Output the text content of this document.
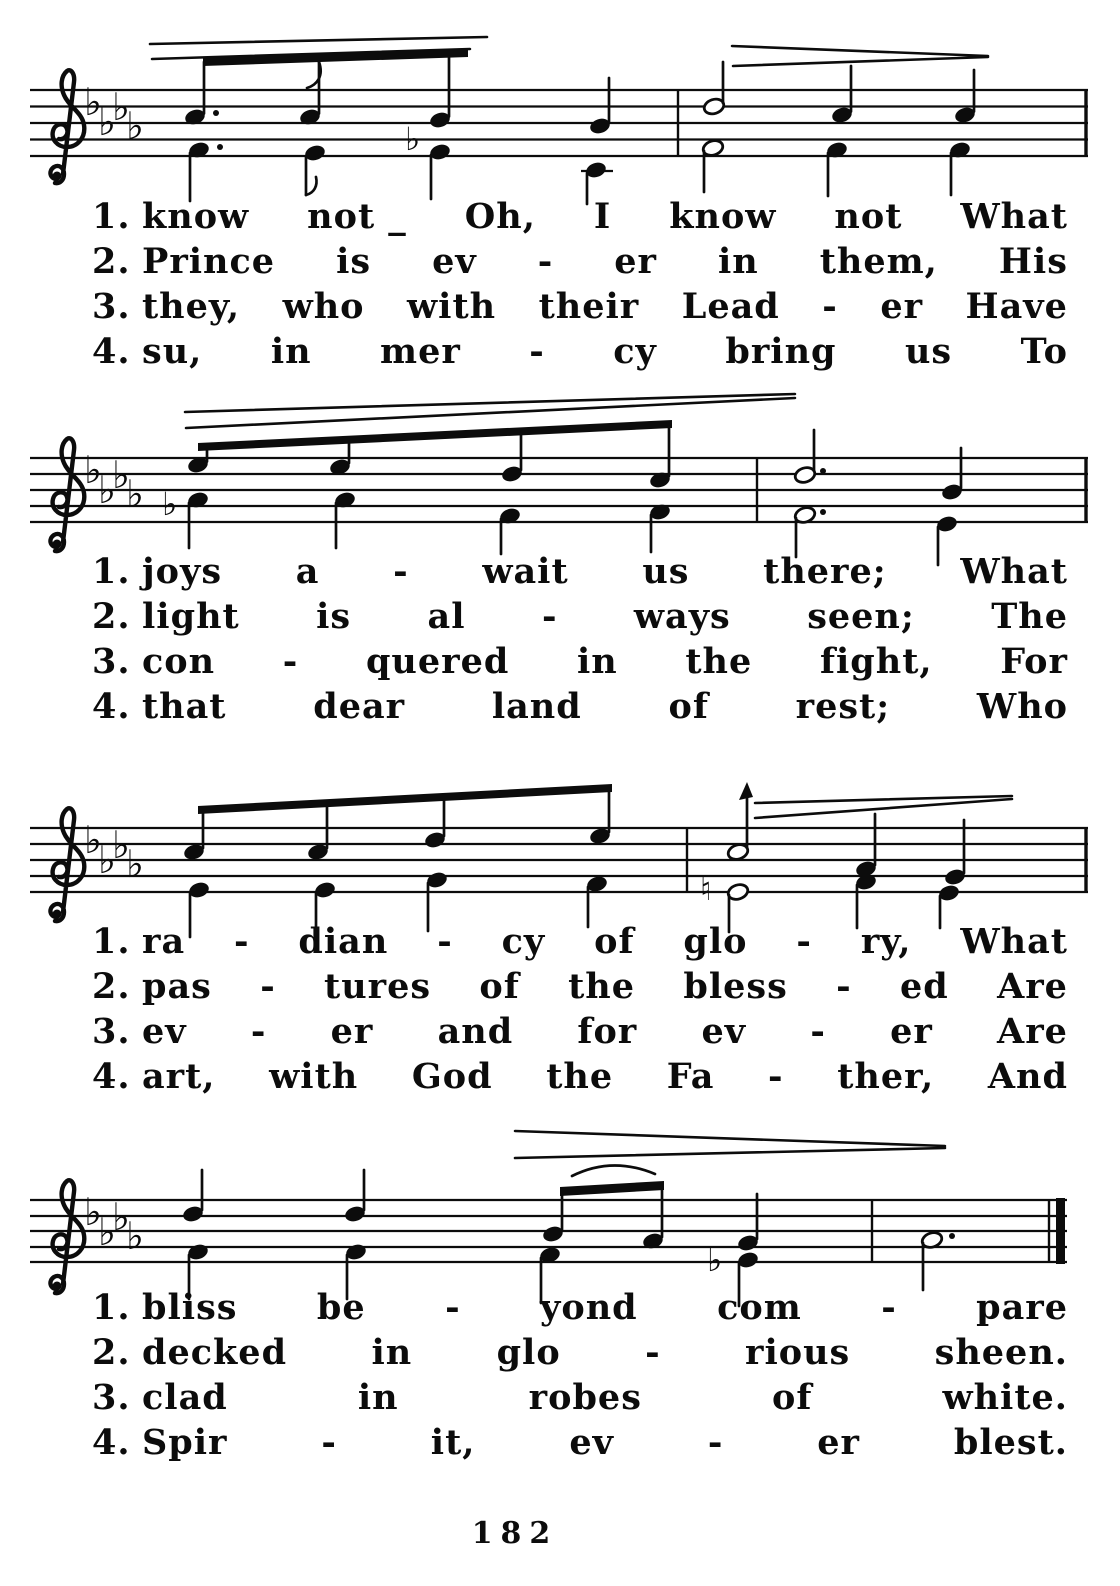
♭
♭
♭
♭	♭
1. know not _ Oh, I know not What
2. Prince is ev - er in them, His
3. they, who with their Lead - er Have
4. su, in mer - cy bring us To
♭
♭
♭
♭ ♭
1. joys a - wait us there; What
2. light is al - ways seen; The
3. con - quered in the fight, For
4. that dear land of rest; Who
♭
♭
♭
♭
♮
1. ra - dian - cy of glo - ry, What
2. pas - tures of the bless - ed Are
3. ev - er and for ev - er Are
4. art, with God the Fa - ther, And
♭
♭
♭
♭
♭
1. bliss be - yond com - pare
2. decked in glo - rious sheen.
3. clad	in	robes	of	white.
4. Spir	-	it,	ev	-	er	blest.
182
